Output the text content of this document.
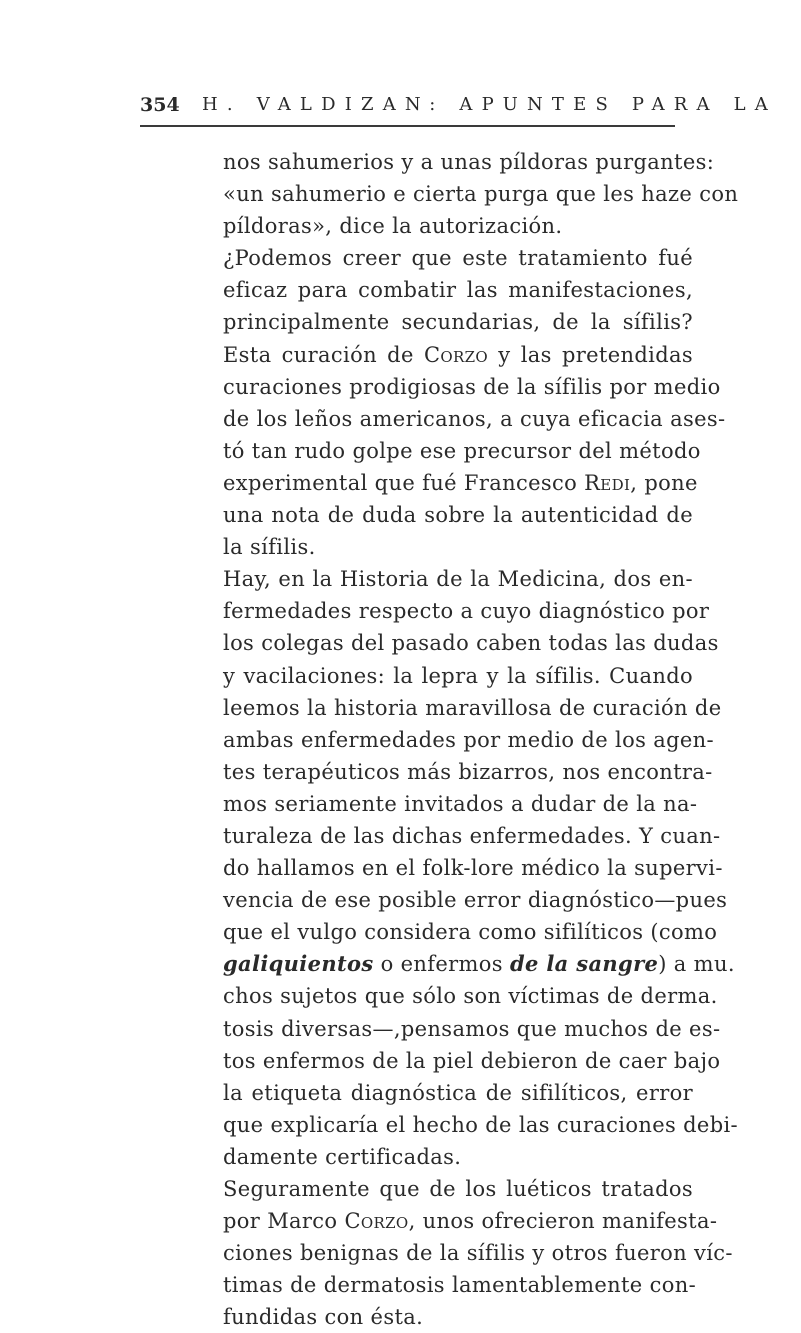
354 H. VALDIZAN: APUNTES PARA LA
nos sahumerios y a unas píldoras purgantes:
«un sahumerio e cierta purga que les haze con
píldoras», dice la autorización.
¿Podemos creer que este tratamiento fué
eficaz para combatir las manifestaciones,
principalmente secundarias, de la sífilis?
Esta curación de Corzo y las pretendidas
curaciones prodigiosas de la sífilis por medio
de los leños americanos, a cuya eficacia ases-
tó tan rudo golpe ese precursor del método
experimental que fué Francesco Redi, pone
una nota de duda sobre la autenticidad de
la sífilis.
Hay, en la Historia de la Medicina, dos en-
fermedades respecto a cuyo diagnóstico por
los colegas del pasado caben todas las dudas
y vacilaciones: la lepra y la sífilis. Cuando
leemos la historia maravillosa de curación de
ambas enfermedades por medio de los agen-
tes terapéuticos más bizarros, nos encontra-
mos seriamente invitados a dudar de la na-
turaleza de las dichas enfermedades. Y cuan-
do hallamos en el folk-lore médico la supervi-
vencia de ese posible error diagnóstico—pues
que el vulgo considera como sifilíticos (como
galiquientos o enfermos de la sangre) a mu.
chos sujetos que sólo son víctimas de derma.
tosis diversas—,pensamos que muchos de es-
tos enfermos de la piel debieron de caer bajo
la etiqueta diagnóstica de sifilíticos, error
que explicaría el hecho de las curaciones debi-
damente certificadas.
Seguramente que de los luéticos tratados
por Marco Corzo, unos ofrecieron manifesta-
ciones benignas de la sífilis y otros fueron víc-
timas de dermatosis lamentablemente con-
fundidas con ésta.
